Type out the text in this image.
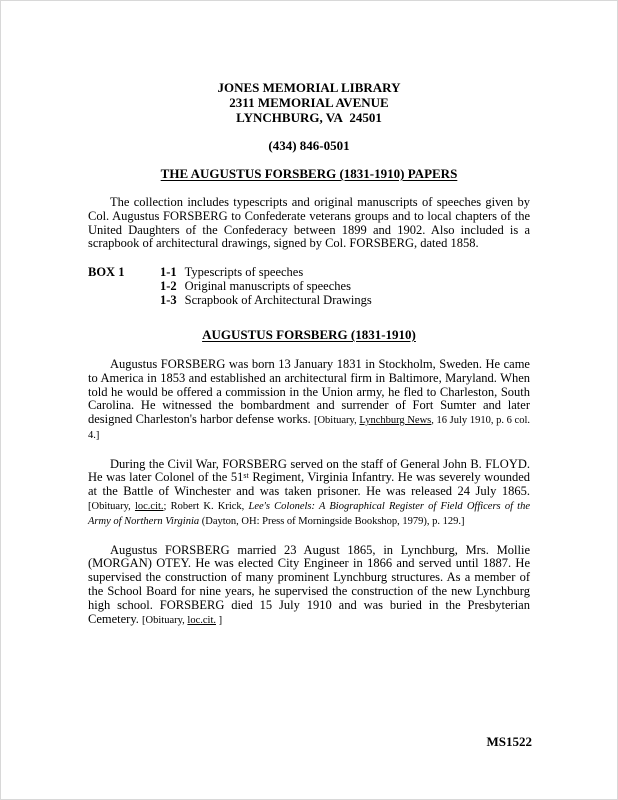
JONES MEMORIAL LIBRARY
2311 MEMORIAL AVENUE
LYNCHBURG, VA  24501
(434) 846-0501
THE AUGUSTUS FORSBERG (1831-1910) PAPERS

The collection includes typescripts and original manuscripts of speeches given by Col. Augustus FORSBERG to Confederate veterans groups and to local chapters of the United Daughters of the Confederacy between 1899 and 1902. Also included is a scrapbook of architectural drawings, signed by Col. FORSBERG, dated 1858.

BOX 1	1-1 Typescripts of speeches
1-2 Original manuscripts of speeches
1-3 Scrapbook of Architectural Drawings
AUGUSTUS FORSBERG (1831-1910)

Augustus FORSBERG was born 13 January 1831 in Stockholm, Sweden. He came to America in 1853 and established an architectural firm in Baltimore, Maryland. When told he would be offered a commission in the Union army, he fled to Charleston, South Carolina. He witnessed the bombardment and surrender of Fort Sumter and later designed Charleston's harbor defense works. [Obituary, Lynchburg News, 16 July 1910, p. 6 col. 4.]

During the Civil War, FORSBERG served on the staff of General John B. FLOYD. He was later Colonel of the 51st Regiment, Virginia Infantry. He was severely wounded at the Battle of Winchester and was taken prisoner. He was released 24 July 1865. [Obituary, loc.cit.; Robert K. Krick, Lee's Colonels: A Biographical Register of Field Officers of the Army of Northern Virginia (Dayton, OH: Press of Morningside Bookshop, 1979), p. 129.]

Augustus FORSBERG married 23 August 1865, in Lynchburg, Mrs. Mollie (MORGAN) OTEY. He was elected City Engineer in 1866 and served until 1887. He supervised the construction of many prominent Lynchburg structures. As a member of the School Board for nine years, he supervised the construction of the new Lynchburg high school. FORSBERG died 15 July 1910 and was buried in the Presbyterian Cemetery. [Obituary, loc.cit. ]

MS1522
